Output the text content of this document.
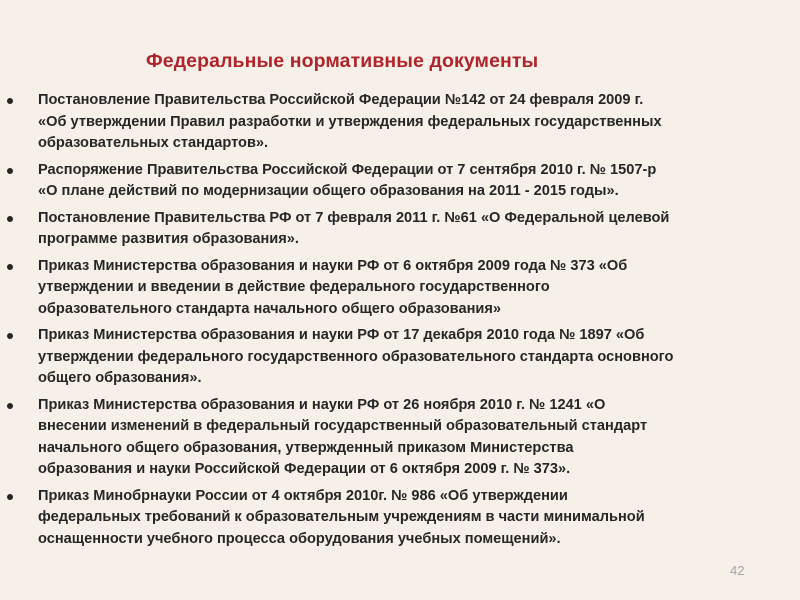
Федеральные нормативные документы
Постановление Правительства Российской Федерации №142 от 24 февраля 2009 г.
«Об утверждении Правил разработки и утверждения федеральных государственных
образовательных стандартов».
Распоряжение Правительства Российской Федерации от 7 сентября 2010 г. № 1507-р
«О плане действий по модернизации общего образования на 2011 - 2015 годы».
Постановление Правительства РФ от 7 февраля 2011 г. №61 «О Федеральной целевой
программе развития образования».
Приказ Министерства образования и науки РФ от 6 октября 2009 года № 373 «Об
утверждении и введении в действие федерального государственного
образовательного стандарта начального общего образования»
Приказ Министерства образования и науки РФ от 17 декабря 2010 года № 1897 «Об
утверждении федерального государственного образовательного стандарта основного
общего образования».
Приказ Министерства образования и науки РФ от 26 ноября 2010 г. № 1241 «О
внесении изменений в федеральный государственный образовательный стандарт
начального общего образования, утвержденный приказом Министерства
образования и науки Российской Федерации от 6 октября 2009 г. № 373».
Приказ Минобрнауки России от 4 октября 2010г. № 986 «Об утверждении
федеральных требований к образовательным учреждениям в части минимальной
оснащенности учебного процесса оборудования учебных помещений».
42
